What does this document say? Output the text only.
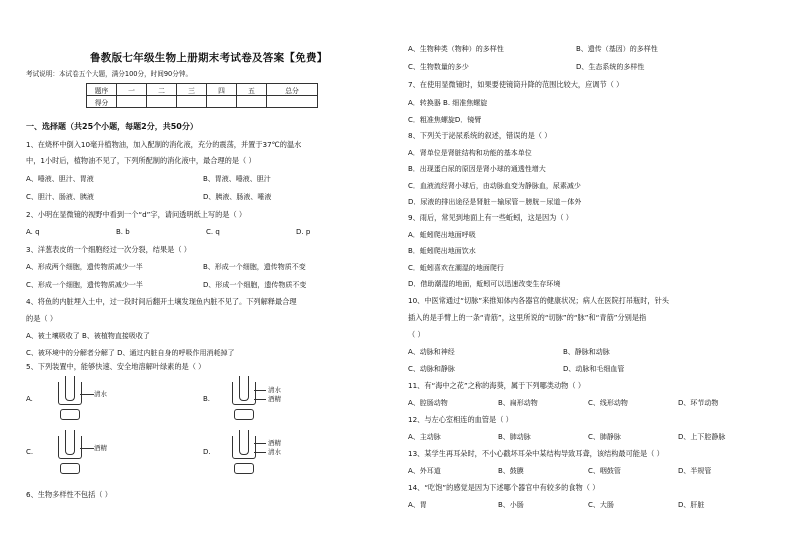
鲁教版七年级生物上册期末考试卷及答案【免费】
考试说明：本试卷五个大题，满分100分，时间90分钟。
题序	一	二	三	四	五	总分
得分						
一、选择题（共25个小题，每题2分，共50分）
1、在烧杯中倒入10毫升植物油，加入配制的消化液，充分的震荡，并置于37℃的温水
中，1小时后，植物油不见了，下列所配制的消化液中，最合理的是（ ）
A、唾液、胆汁、胃液	B、胃液、唾液、胆汁
C、胆汁、肠液、胰液	D、胰液、肠液、唾液
2、小明在显微镜的视野中看到一个“d”字，请问透明纸上写的是（ ）
A. q	B. b	C. q	D. p
3、洋葱表皮的一个细胞经过一次分裂，结果是（ ）
A、形成两个细胞，遗传物质减少一半	B、形成一个细胞，遗传物质不变
C、形成一个细胞，遗传物质减少一半	D、形成一个细胞，遗传物质不变
4、将鱼的内脏埋入土中，过一段时间后翻开土壤发现鱼内脏不见了。下列解释最合理
的是（ ）
A、被土壤吸收了 B、被植物直接吸收了
C、被环境中的分解者分解了 D、通过内脏自身的呼吸作用消耗掉了
5、下列装置中，能够快速、安全地溶解叶绿素的是（ ）
A.
清水
B.
清水
酒精
C.	酒精	D.
酒精
清水
6、生物多样性不包括（ ）
A、生物种类（物种）的多样性	B、遗传（基因）的多样性
C、生物数量的多少	D、生态系统的多样性
7、在使用显微镜时，如果要使镜筒升降的范围比较大，应调节（ ）
A．转换器 B. 细准焦螺旋
C．粗准焦螺旋D．镜臂
8、下列关于泌尿系统的叙述，错误的是（ ）
A．肾单位是肾脏结构和功能的基本单位
B．出现蛋白尿的原因是肾小球的通透性增大
C．血液流经肾小球后，由动脉血变为静脉血，尿素减少
D．尿液的排出途径是肾脏－输尿管－膀胱－尿道－体外
9、雨后，常见到地面上有一些蚯蚓，这是因为（ ）
A．蚯蚓爬出地面呼吸
B．蚯蚓爬出地面饮水
C．蚯蚓喜欢在潮湿的地面爬行
D．借助潮湿的地面，蚯蚓可以迅速改变生存环境
10、中医常通过“切脉”来推知体内各器官的健康状况；病人在医院打吊瓶时，针头
插入的是手臂上的一条“青筋”，这里所说的“切脉”的“脉”和“青筋”分别是指
（ ）
A、动脉和神经	B、静脉和动脉
C、动脉和静脉	D、动脉和毛细血管
11、有“海中之花”之称的海葵，属于下列哪类动物（ ）
A、腔肠动物	B、扁形动物	C、线形动物	D、环节动物
12、与左心室相连的血管是（ ）
A、主动脉	B、肺动脉	C、肺静脉	D、上下腔静脉
13、某学生再耳朵时，不小心戳坏耳朵中某结构导致耳聋，该结构最可能是（ ）
A、外耳道	B、鼓膜	C、咽鼓管	D、半规管
14、“吃饱”的感觉是因为下述哪个器官中有较多的食物（ ）
A、胃	B、小肠	C、大肠	D、肝脏
